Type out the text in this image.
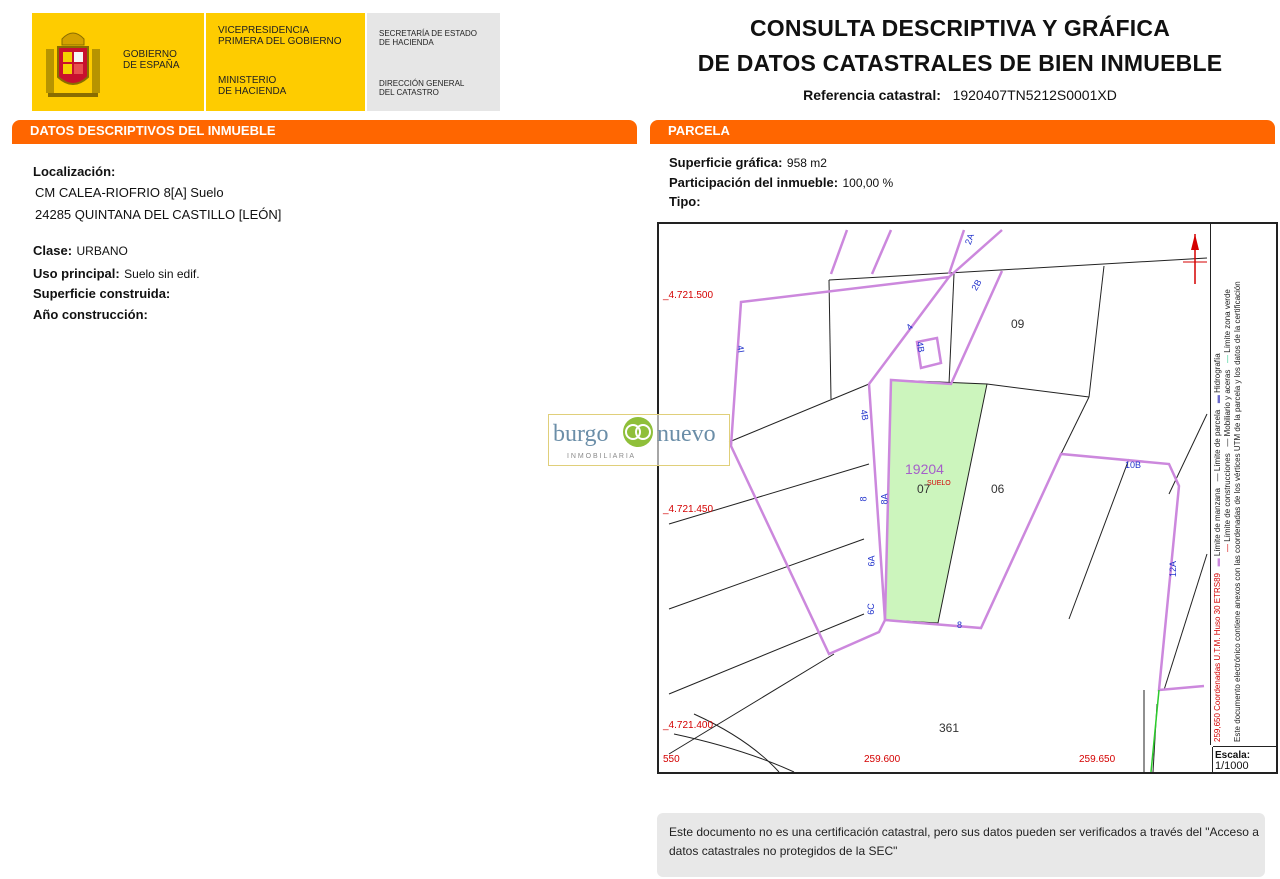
GOBIERNO
DE ESPAÑA
VICEPRESIDENCIA
PRIMERA DEL GOBIERNO
MINISTERIO
DE HACIENDA
SECRETARÍA DE ESTADO
DE HACIENDA
DIRECCIÓN GENERAL
DEL CATASTRO
CONSULTA DESCRIPTIVA Y GRÁFICA
DE DATOS CATASTRALES DE BIEN INMUEBLE
Referencia catastral: 1920407TN5212S0001XD
DATOS DESCRIPTIVOS DEL INMUEBLE
Localización:
CM CALEA-RIOFRIO 8[A] Suelo
24285 QUINTANA DEL CASTILLO [LEÓN]
Clase: URBANO
Uso principal: Suelo sin edif.
Superficie construida:
Año construcción:
PARCELA
Superficie gráfica: 958 m2
Participación del inmueble: 100,00 %
Tipo:
_4.721.500
_4.721.450
_4.721.400
550	259.600	259.650
19204
07
SUELO
09
06
361
2A
2B
4
4B
4B
4I
10B
8A
6A
8
8
6C
12A
Escala:
1/1000
259,650 Coordenadas U.T.M. Huso 30 ETRS89   ▬ Límite de manzana   — Límite de parcela   ▬ Hidrografía
— Límite de construcciones   — Mobiliario y aceras   — Límite zona verde Este documento electrónico contiene anexos con las coordenadas de los vértices UTM de la parcela y los datos de la certificación
burgo nuevo
I N M O B I L I A R I A
Este documento no es una certificación catastral, pero sus datos pueden ser verificados a través del "Acceso a datos catastrales no protegidos de la SEC"
